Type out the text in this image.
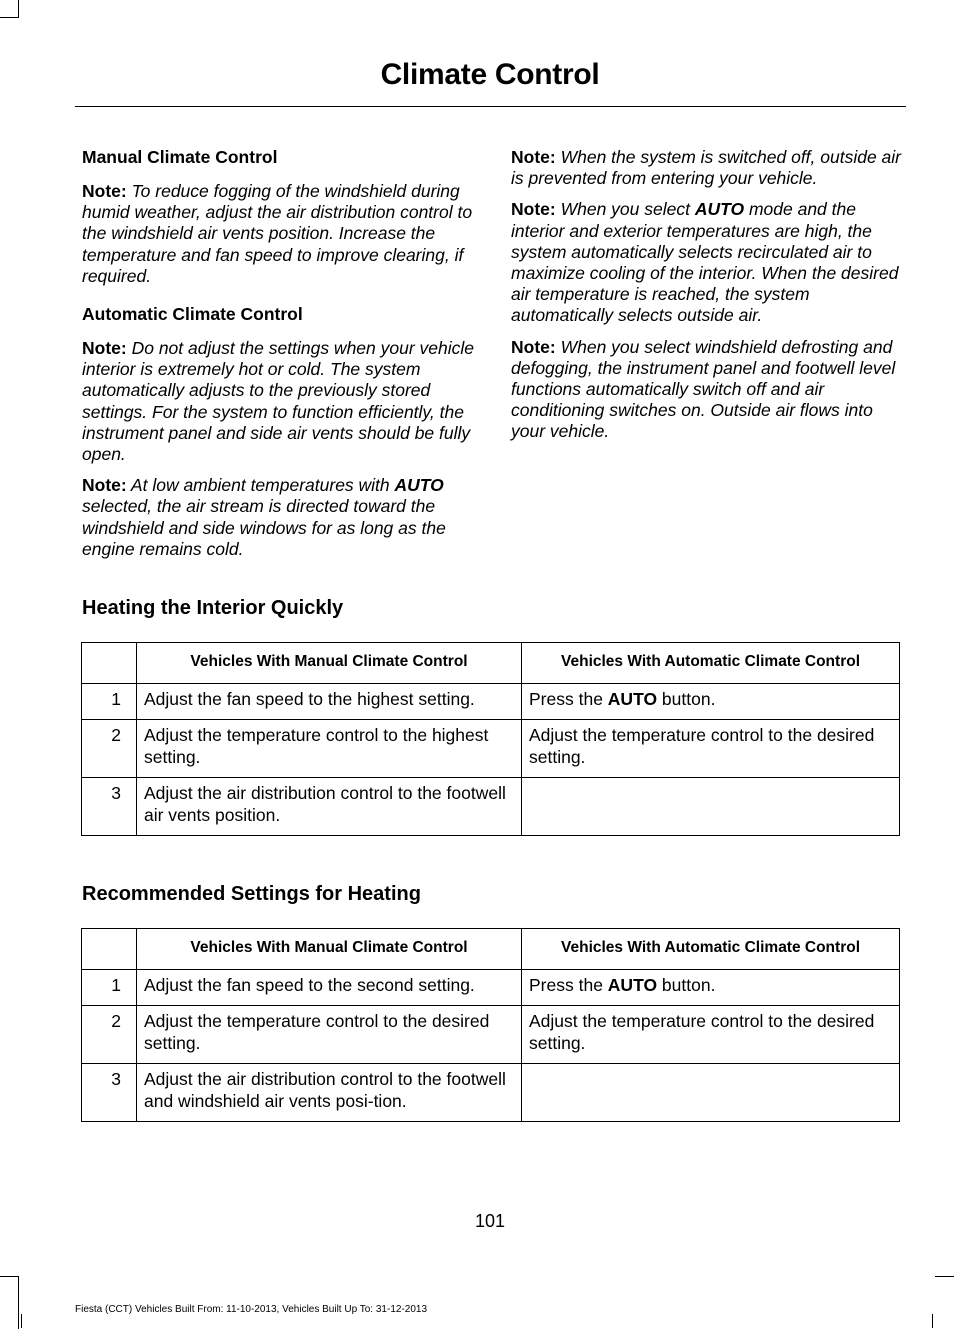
Climate Control
Manual Climate Control

Note: To reduce fogging of the windshield during humid weather, adjust the air distribution control to the windshield air vents position. Increase the temperature and fan speed to improve clearing, if required.

Automatic Climate Control

Note: Do not adjust the settings when your vehicle interior is extremely hot or cold. The system automatically adjusts to the previously stored settings. For the system to function efficiently, the instrument panel and side air vents should be fully open.

Note: At low ambient temperatures with AUTO selected, the air stream is directed toward the windshield and side windows for as long as the engine remains cold.

Note: When the system is switched off, outside air is prevented from entering your vehicle.

Note: When you select AUTO mode and the interior and exterior temperatures are high, the system automatically selects recirculated air to maximize cooling of the interior. When the desired air temperature is reached, the system automatically selects outside air.

Note: When you select windshield defrosting and defogging, the instrument panel and footwell level functions automatically switch off and air conditioning switches on. Outside air flows into your vehicle.

Heating the Interior Quickly
	Vehicles With Manual Climate Control	Vehicles With Automatic Climate Control
1	Adjust the fan speed to the highest setting.	Press the AUTO button.
2	Adjust the temperature control to the highest setting.	Adjust the temperature control to the desired setting.
3	Adjust the air distribution control to the footwell air vents position.	
Recommended Settings for Heating
	Vehicles With Manual Climate Control	Vehicles With Automatic Climate Control
1	Adjust the fan speed to the second setting.	Press the AUTO button.
2	Adjust the temperature control to the desired setting.	Adjust the temperature control to the desired setting.
3	Adjust the air distribution control to the footwell and windshield air vents posi-tion.	
101
Fiesta (CCT) Vehicles Built From: 11-10-2013, Vehicles Built Up To: 31-12-2013
